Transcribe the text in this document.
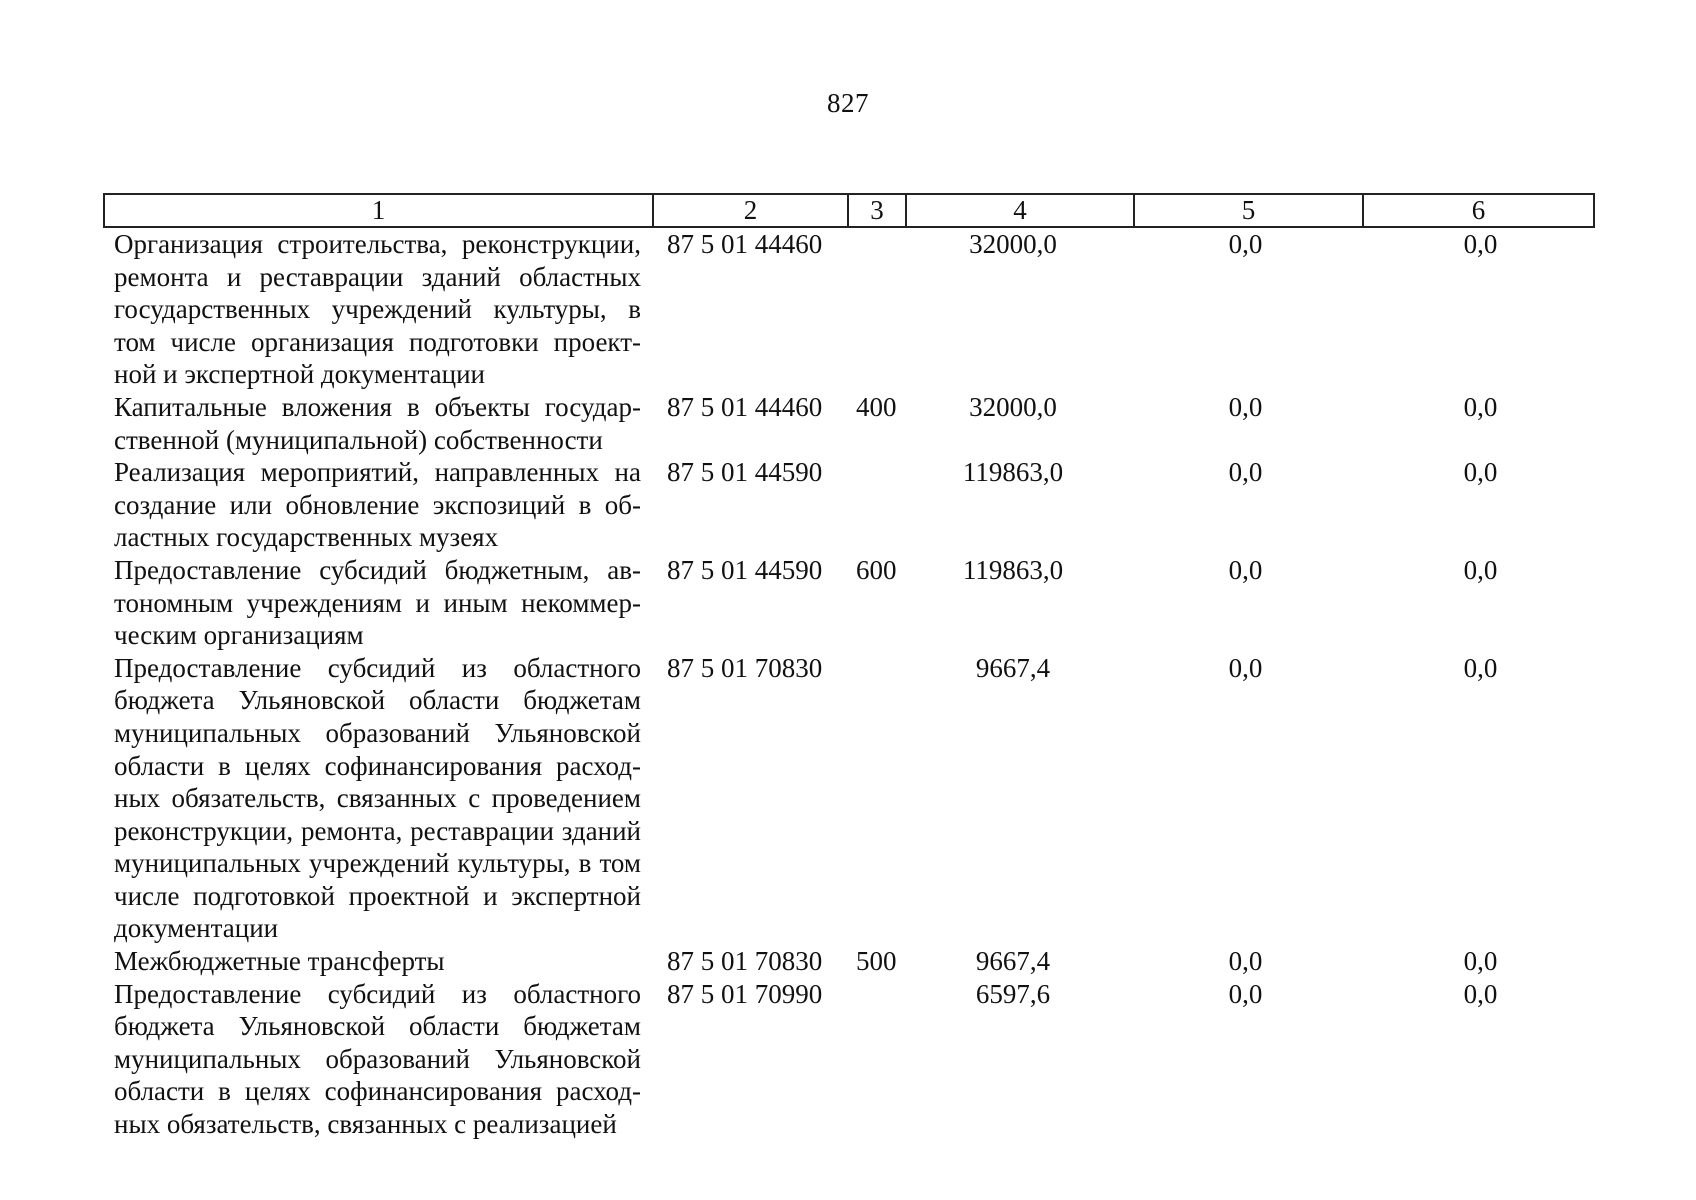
827
1	2	3	4	5	6
Организация строительства, реконструкции, ремонта и реставрации зданий областных государственных учреждений культуры, в том числе организация подготовки проектной и экспертной документации	87 5 01 44460		32000,0	0,0	0,0
Капитальные вложения в объекты государственной (муниципальной) собственности	87 5 01 44460	400	32000,0	0,0	0,0
Реализация мероприятий, направленных на создание или обновление экспозиций в областных государственных музеях	87 5 01 44590		119863,0	0,0	0,0
Предоставление субсидий бюджетным, автономным учреждениям и иным некоммерческим организациям	87 5 01 44590	600	119863,0	0,0	0,0
Предоставление субсидий из областного бюджета Ульяновской области бюджетам муниципальных образований Ульяновской области в целях софинансирования расходных обязательств, связанных с проведением реконструкции, ремонта, реставрации зданий муниципальных учреждений культуры, в том числе подготовкой проектной и экспертной документации	87 5 01 70830		9667,4	0,0	0,0
Межбюджетные трансферты	87 5 01 70830	500	9667,4	0,0	0,0
Предоставление субсидий из областного бюджета Ульяновской области бюджетам муниципальных образований Ульяновской области в целях софинансирования расходных обязательств, связанных с реализацией	87 5 01 70990		6597,6	0,0	0,0
